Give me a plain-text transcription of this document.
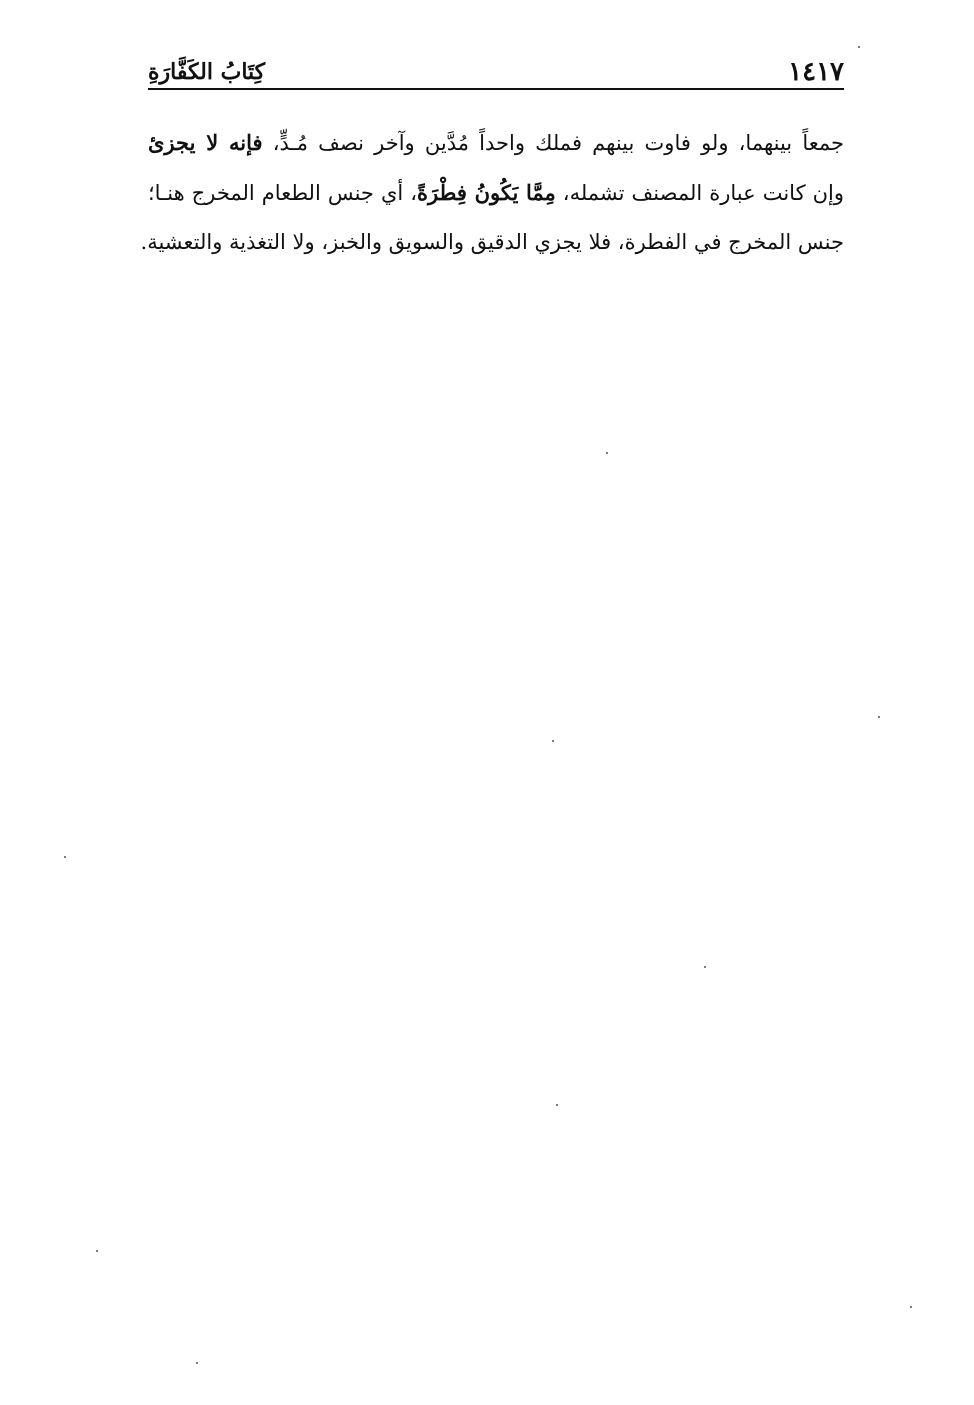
١٤١٧
كِتَابُ الكَفَّارَةِ
جمعاً بينهما، ولو فاوت بينهم فملك واحداً مُدَّين وآخر نصف مُـدٍّ، فإنه لا يجزئ
وإن كانت عبارة المصنف تشمله، مِمَّا يَكُونُ فِطْرَةً، أي جنس الطعام المخرج هنـا؛
جنس المخرج في الفطرة، فلا يجزي الدقيق والسويق والخبز، ولا التغذية والتعشية.
